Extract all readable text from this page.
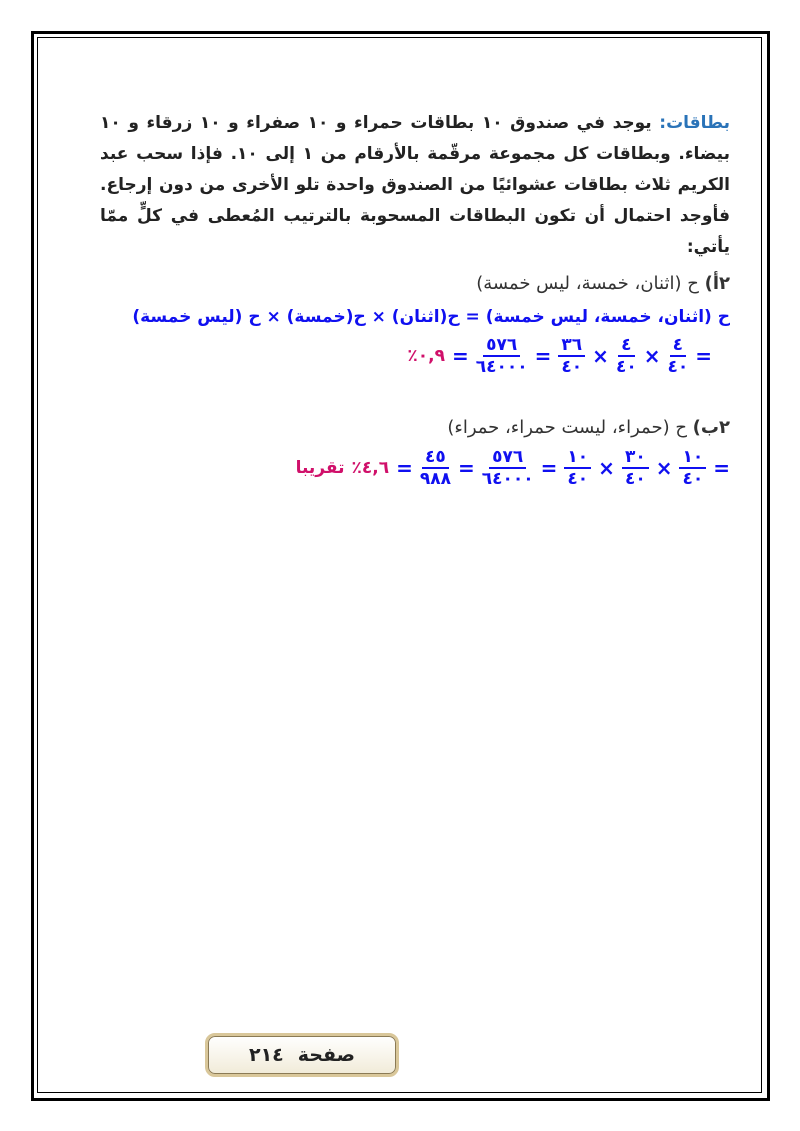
بطاقات: يوجد في صندوق ١٠ بطاقات حمراء و ١٠ صفراء و ١٠ زرقاء و ١٠ بيضاء. وبطاقات كل مجموعة مرقّمة بالأرقام من ١ إلى ١٠. فإذا سحب عبد الكريم ثلاث بطاقات عشوائيًا من الصندوق واحدة تلو الأخرى من دون إرجاع. فأوجد احتمال أن تكون البطاقات المسحوبة بالترتيب المُعطى في كلٍّ ممّا يأتي:
٢أ) ح (اثنان، خمسة، ليس خمسة)
ح (اثنان، خمسة، ليس خمسة) = ح(اثنان) × ح(خمسة) × ح (ليس خمسة)
=
$\frac{٤}{٤٠}$
×
$\frac{٤}{٤٠}$
×
$\frac{٣٦}{٤٠}$
=
$\frac{٥٧٦}{٦٤٠٠٠}$
=
٪٠,٩
٢ب) ح (حمراء، ليست حمراء، حمراء)
=
$\frac{١٠}{٤٠}$
×
$\frac{٣٠}{٤٠}$
×
$\frac{١٠}{٤٠}$
=
$\frac{٥٧٦}{٦٤٠٠٠}$
=
$\frac{٤٥}{٩٨٨}$
=
٪٤,٦
تقريبا
صفحة
٢١٤
